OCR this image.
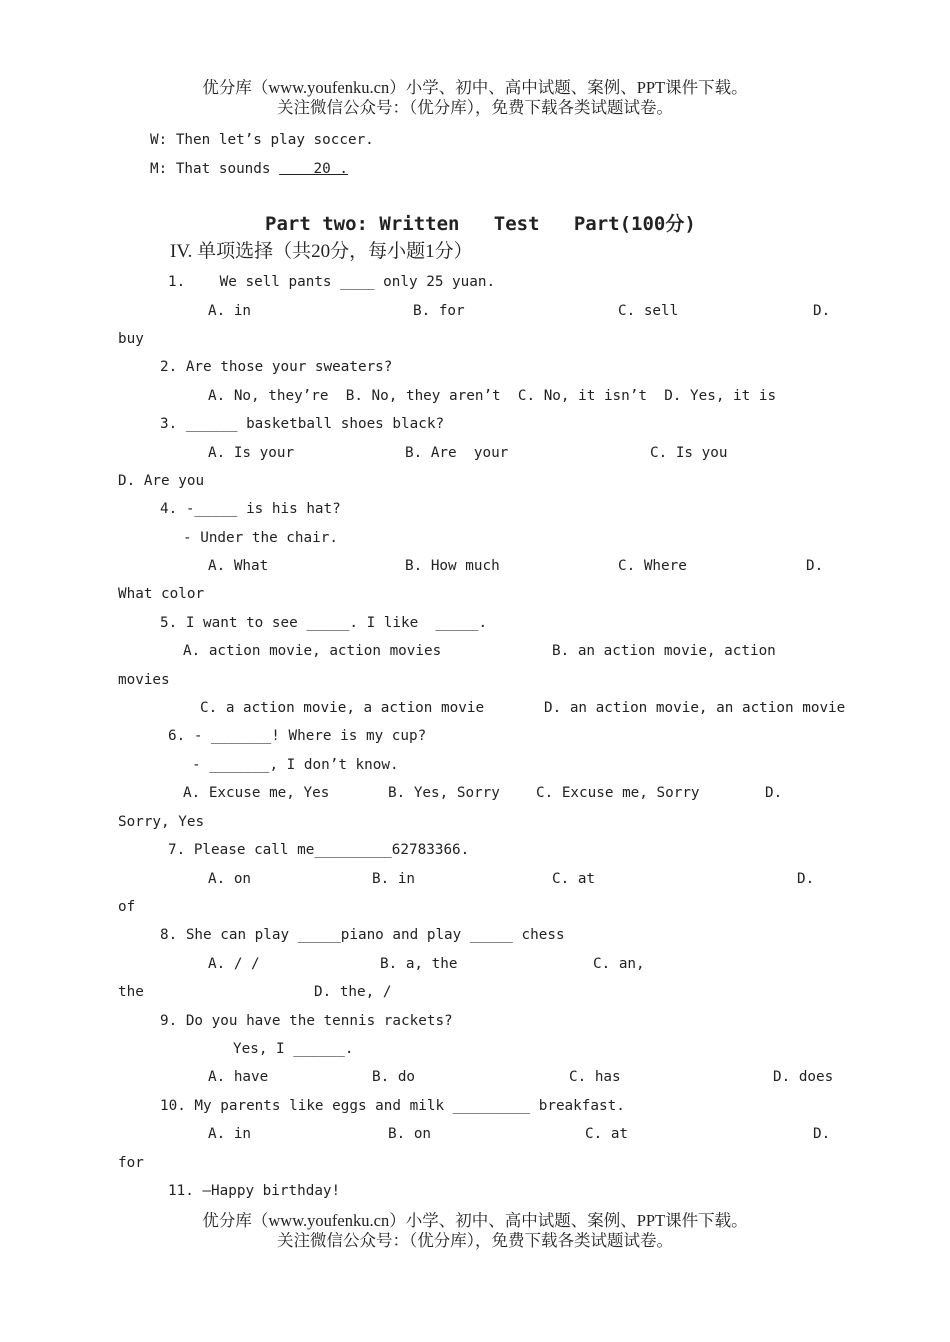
优分库（www.youfenku.cn）小学、初中、高中试题、案例、PPT课件下载。
关注微信公众号：（优分库），免费下载各类试题试卷。
W: Then let’s play soccer.
M: That sounds     20 .
Part two: Written   Test   Part(100分)
IV. 单项选择（共20分，每小题1分）
1.    We sell pants ____ only 25 yuan.
A. in	B. for	C. sell	D.
buy
2. Are those your sweaters?
A. No, they’re  B. No, they aren’t  C. No, it isn’t  D. Yes, it is
3. ______ basketball shoes black?
A. Is your	B. Are  your	C. Is you
D. Are you
4. -_____ is his hat?
- Under the chair.
A. What	B. How much	C. Where	D.
What color
5. I want to see _____. I like  _____.
A. action movie, action movies	B. an action movie, action
movies
C. a action movie, a action movie	D. an action movie, an action movie
6. - _______! Where is my cup?
- _______, I don’t know.
A. Excuse me, Yes	B. Yes, Sorry	C. Excuse me, Sorry	D.
Sorry, Yes
7. Please call me_________62783366.
A. on	B. in	C. at	D.
of
8. She can play _____piano and play _____ chess
A. / /	B. a, the	C. an,
the	D. the, /
9. Do you have the tennis rackets?
Yes, I ______.
A. have	B. do	C. has	D. does
10. My parents like eggs and milk _________ breakfast.
A. in	B. on	C. at	D.
for
11. –Happy birthday!
优分库（www.youfenku.cn）小学、初中、高中试题、案例、PPT课件下载。
关注微信公众号：（优分库），免费下载各类试题试卷。
